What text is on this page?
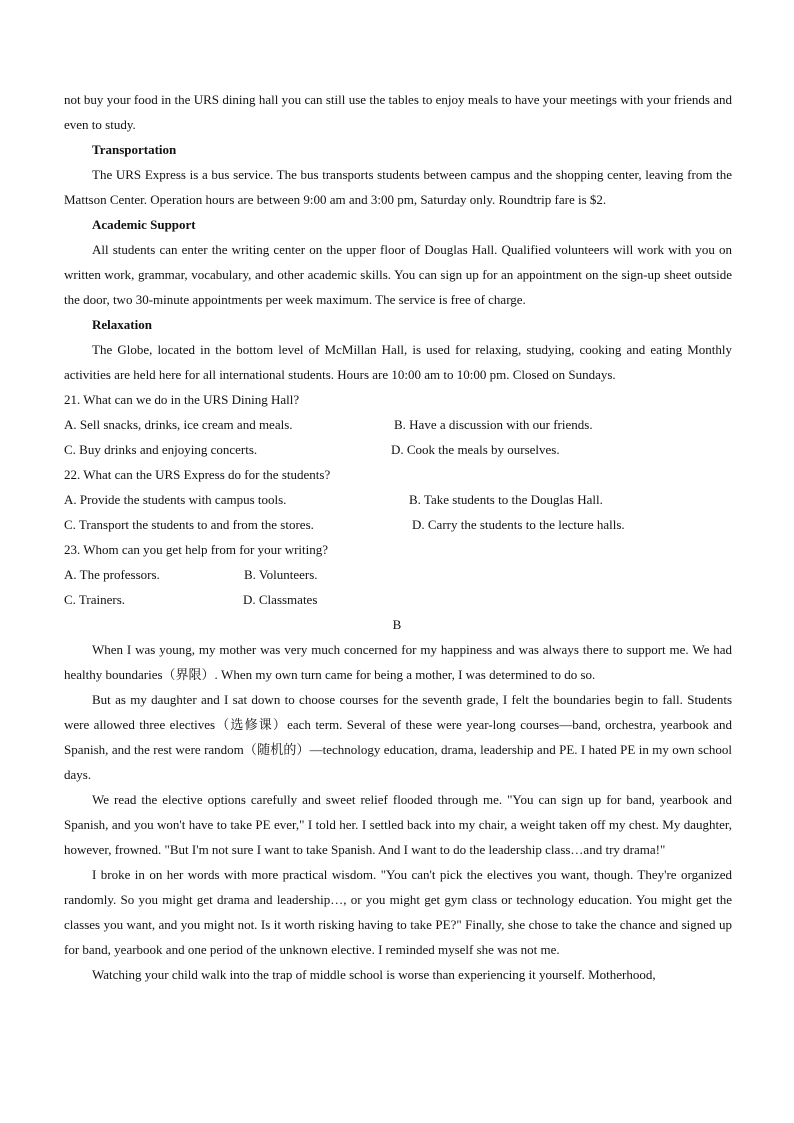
not buy your food in the URS dining hall you can still use the tables to enjoy meals to have your meetings with your friends and even to study.

Transportation

The URS Express is a bus service. The bus transports students between campus and the shopping center, leaving from the Mattson Center. Operation hours are between 9:00 am and 3:00 pm, Saturday only. Roundtrip fare is $2.

Academic Support

All students can enter the writing center on the upper floor of Douglas Hall. Qualified volunteers will work with you on written work, grammar, vocabulary, and other academic skills. You can sign up for an appointment on the sign-up sheet outside the door, two 30-minute appointments per week maximum. The service is free of charge.

Relaxation

The Globe, located in the bottom level of McMillan Hall, is used for relaxing, studying, cooking and eating Monthly activities are held here for all international students. Hours are 10:00 am to 10:00 pm. Closed on Sundays.

21. What can we do in the URS Dining Hall?
A. Sell snacks, drinks, ice cream and meals.	B. Have a discussion with our friends.
C. Buy drinks and enjoying concerts.	D. Cook the meals by ourselves.
22. What can the URS Express do for the students?
A. Provide the students with campus tools.	B. Take students to the Douglas Hall.
C. Transport the students to and from the stores.	D. Carry the students to the lecture halls.
23. Whom can you get help from for your writing?
A. The professors.	B. Volunteers.
C. Trainers.	D. Classmates
B

When I was young, my mother was very much concerned for my happiness and was always there to support me. We had healthy boundaries（界限）. When my own turn came for being a mother, I was determined to do so.

But as my daughter and I sat down to choose courses for the seventh grade, I felt the boundaries begin to fall. Students were allowed three electives（选修课）each term. Several of these were year-long courses—band, orchestra, yearbook and Spanish, and the rest were random（随机的）—technology education, drama, leadership and PE. I hated PE in my own school days.

We read the elective options carefully and sweet relief flooded through me. "You can sign up for band, yearbook and Spanish, and you won't have to take PE ever," I told her. I settled back into my chair, a weight taken off my chest. My daughter, however, frowned. "But I'm not sure I want to take Spanish. And I want to do the leadership class…and try drama!"

I broke in on her words with more practical wisdom. "You can't pick the electives you want, though. They're organized randomly. So you might get drama and leadership…, or you might get gym class or technology education. You might get the classes you want, and you might not. Is it worth risking having to take PE?" Finally, she chose to take the chance and signed up for band, yearbook and one period of the unknown elective. I reminded myself she was not me.

Watching your child walk into the trap of middle school is worse than experiencing it yourself. Motherhood,
